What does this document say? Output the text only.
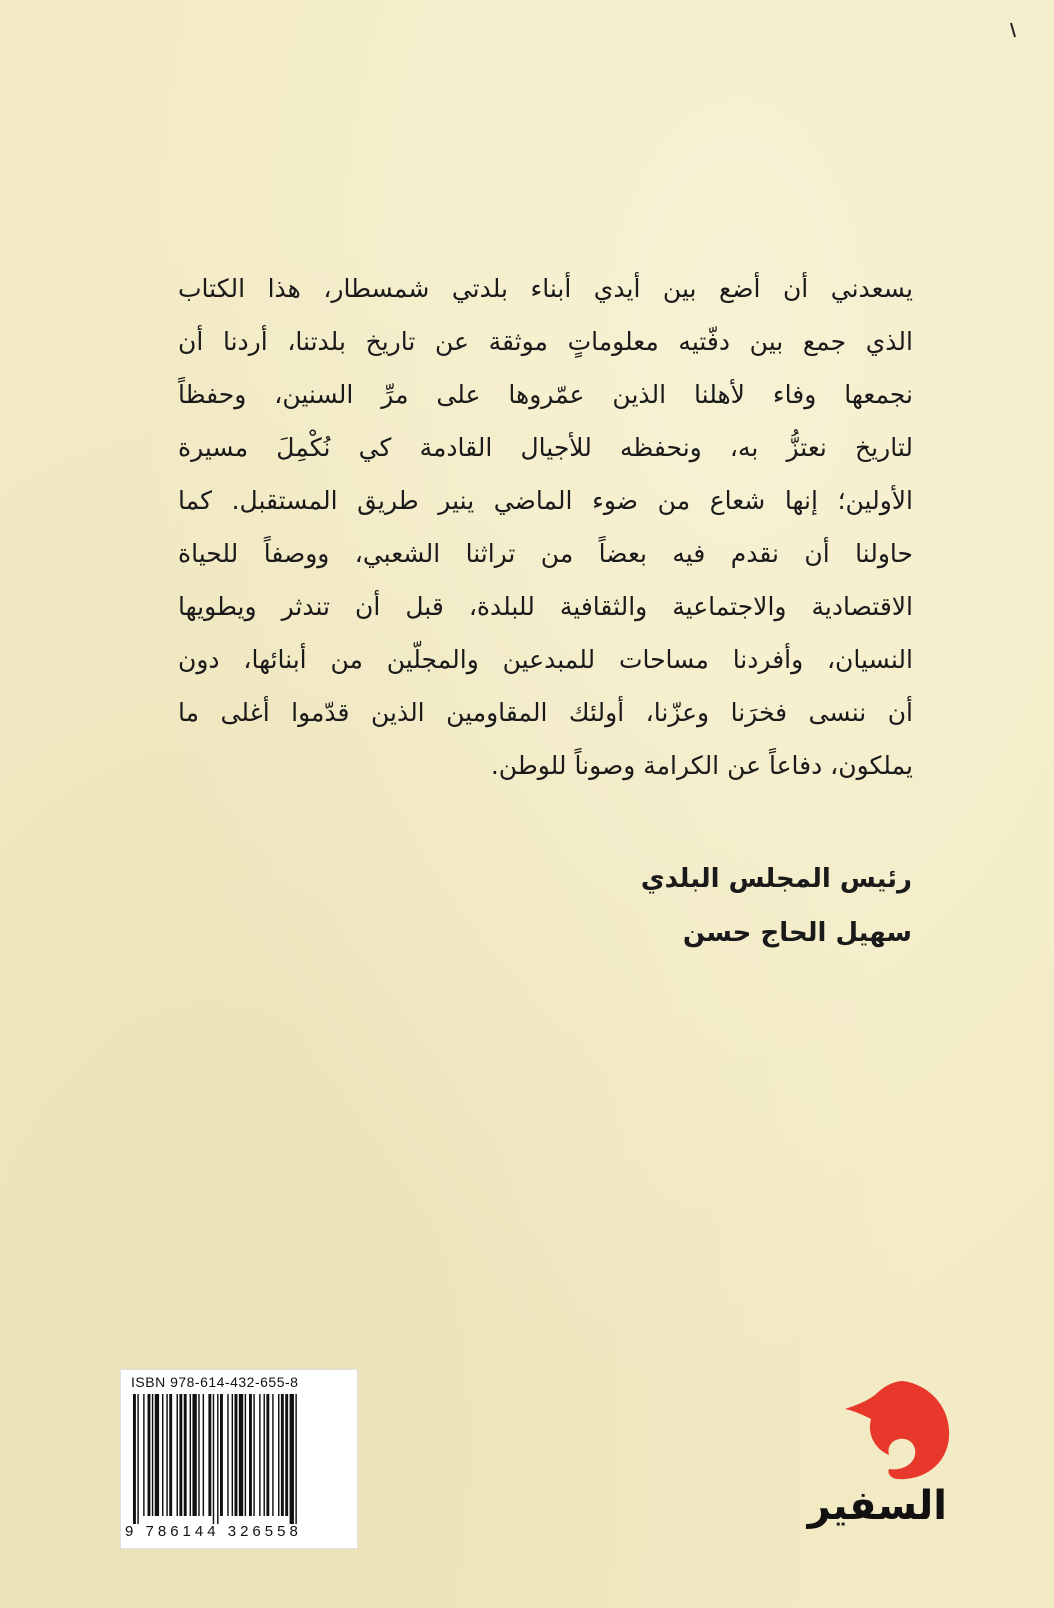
يسعدني أن أضع بين أيدي أبناء بلدتي شمسطار، هذا الكتاب
الذي جمع بين دفّتيه معلوماتٍ موثقة عن تاريخ بلدتنا، أردنا أن
نجمعها وفاء لأهلنا الذين عمّروها على مرِّ السنين، وحفظاً
لتاريخ نعتزُّ به، ونحفظه للأجيال القادمة كي نُكْمِلَ مسيرة
الأولين؛ إنها شعاع من ضوء الماضي ينير طريق المستقبل. كما
حاولنا أن نقدم فيه بعضاً من تراثنا الشعبي، ووصفاً للحياة
الاقتصادية والاجتماعية والثقافية للبلدة، قبل أن تندثر ويطويها
النسيان، وأفردنا مساحات للمبدعين والمجلّين من أبنائها، دون
أن ننسى فخرَنا وعزّنا، أولئك المقاومين الذين قدّموا أغلى ما
يملكون، دفاعاً عن الكرامة وصوناً للوطن.

رئيس المجلس البلدي
سهيل الحاج حسن
ISBN 978-614-432-655-8
9 786144 326558
السفير
